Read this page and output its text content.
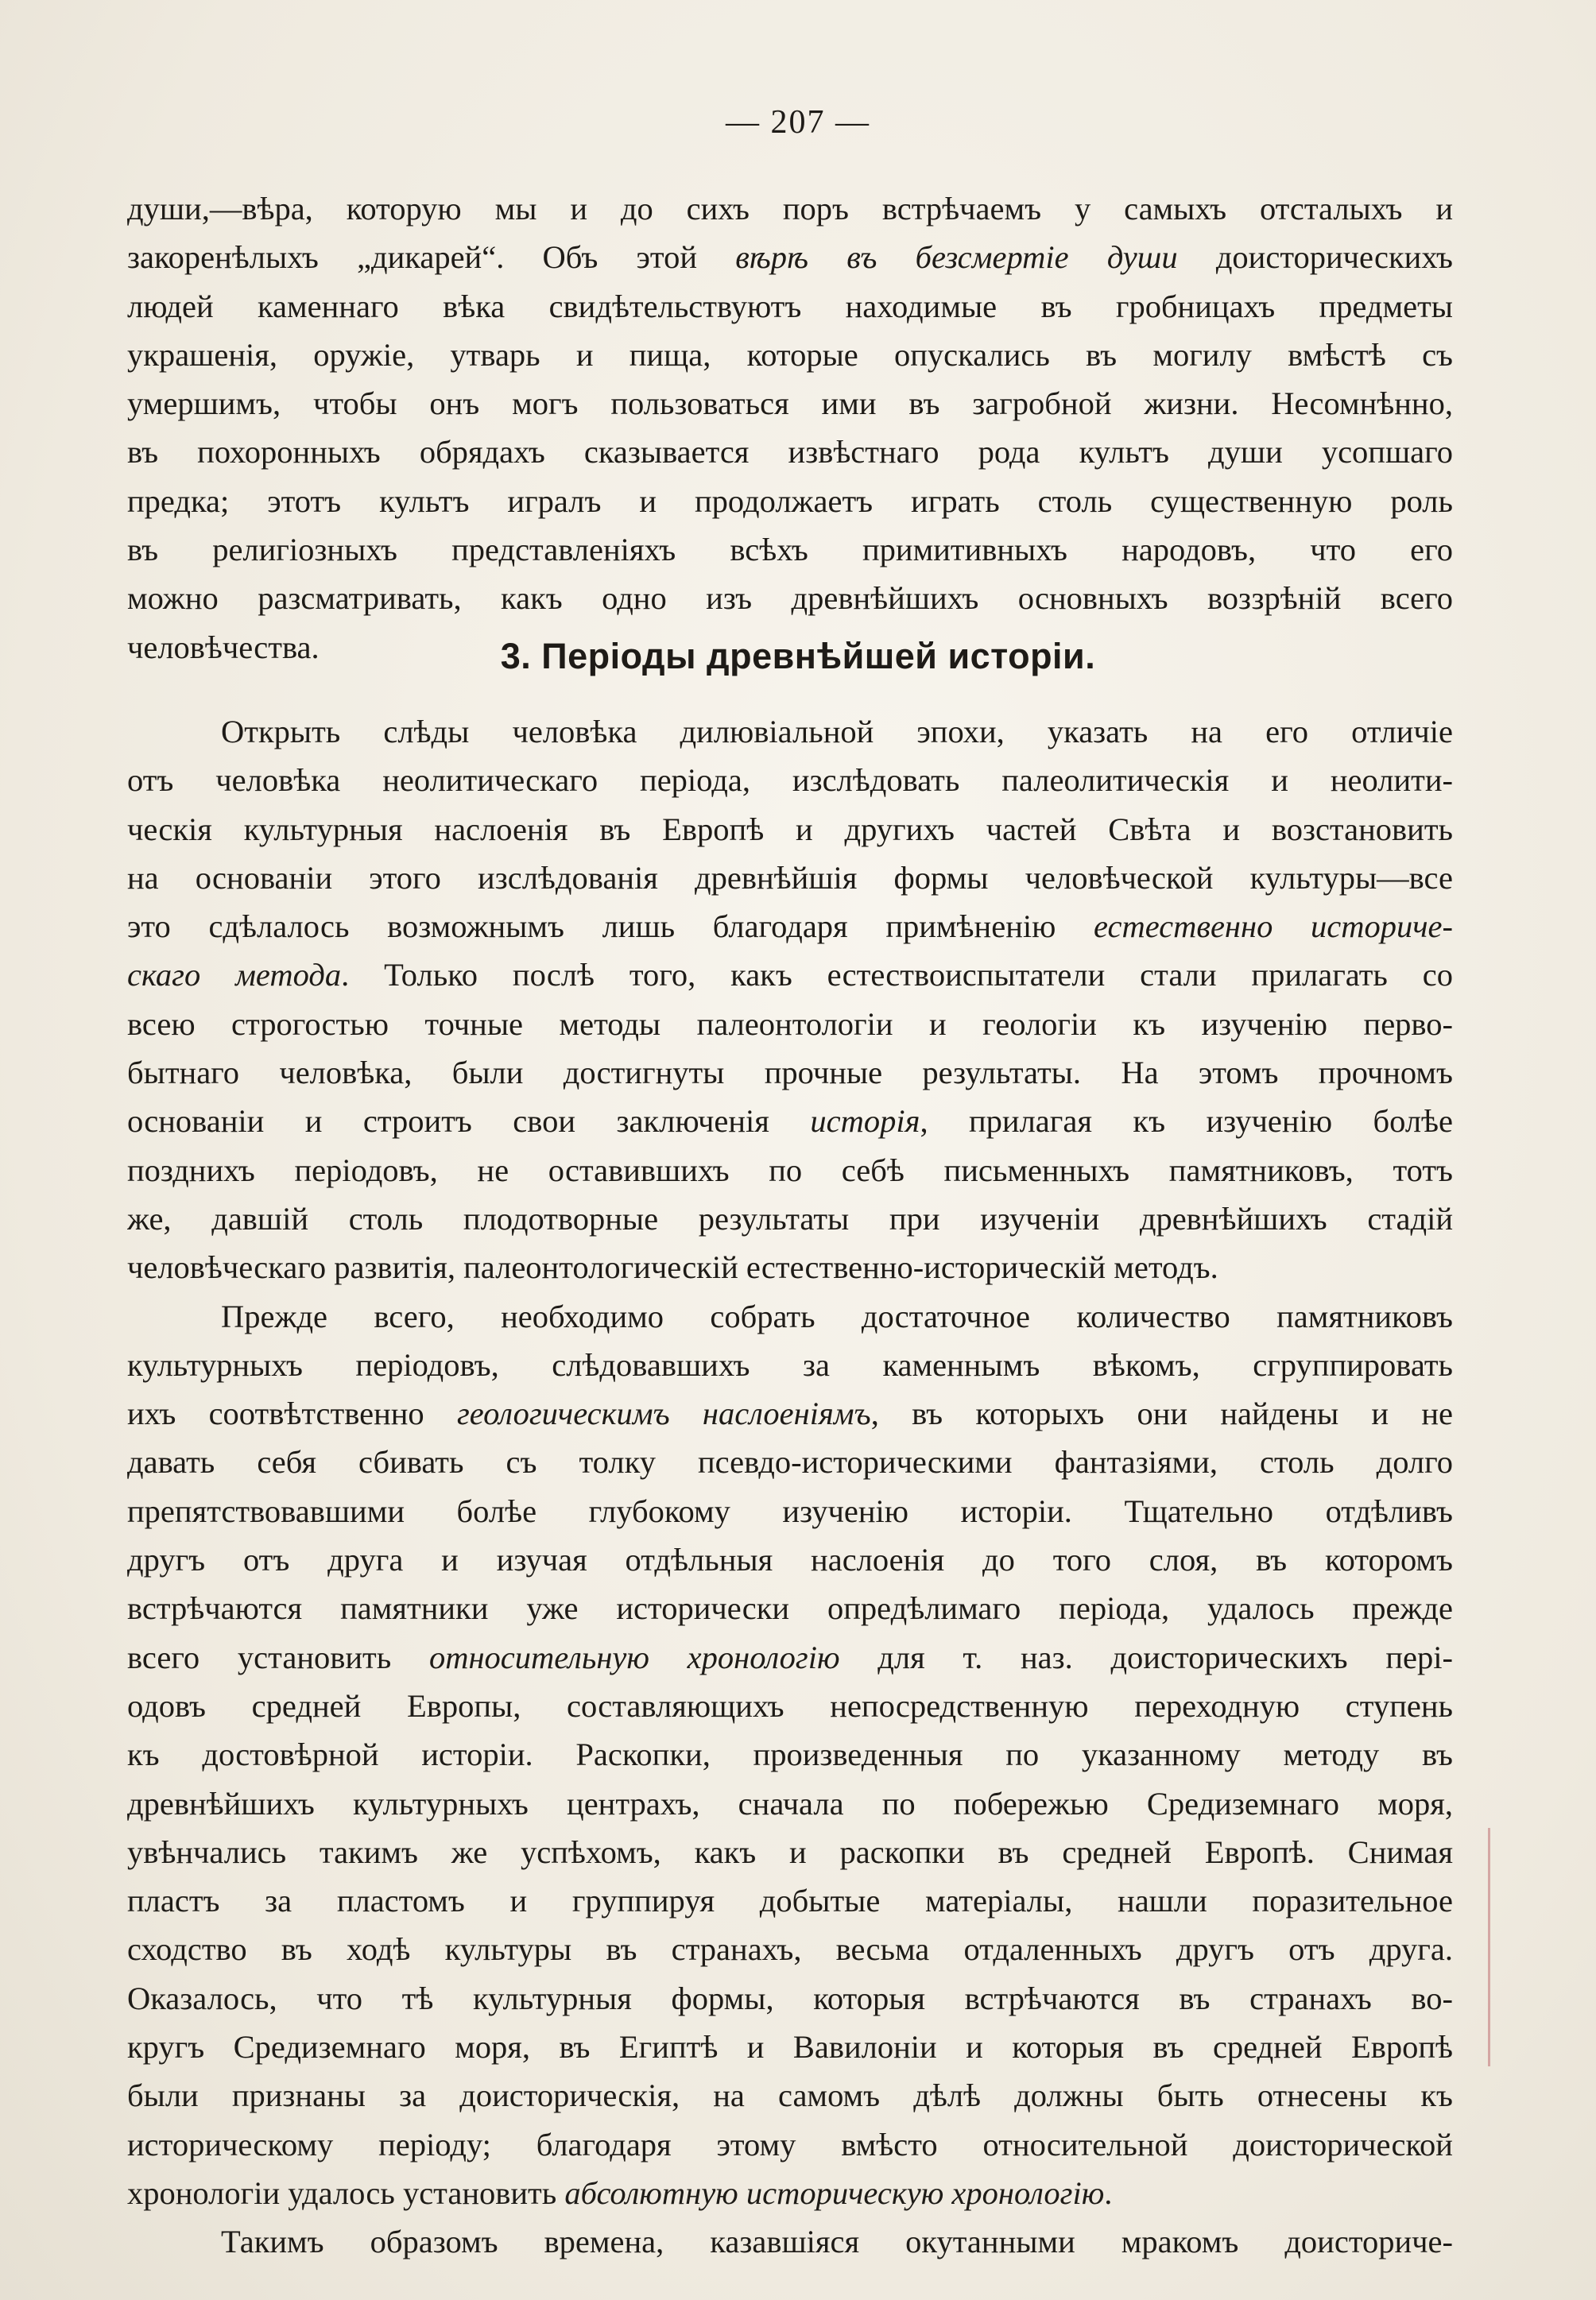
— 207 —
души,—вѣра, которую мы и до сихъ поръ встрѣчаемъ у самыхъ отсталыхъ и
закоренѣлыхъ „дикарей“. Объ этой вѣрѣ въ безсмертіе души доисторическихъ
людей каменнаго вѣка свидѣтельствуютъ находимые въ гробницахъ предметы
украшенія, оружіе, утварь и пища, которые опускались въ могилу вмѣстѣ съ
умершимъ, чтобы онъ могъ пользоваться ими въ загробной жизни. Несомнѣнно,
въ похоронныхъ обрядахъ сказывается извѣстнаго рода культъ души усопшаго
предка; этотъ культъ игралъ и продолжаетъ играть столь существенную роль
въ религіозныхъ представленіяхъ всѣхъ примитивныхъ народовъ, что его
можно разсматривать, какъ одно изъ древнѣйшихъ основныхъ воззрѣній всего
человѣчества.	3. Періоды древнѣйшей исторіи.
Открыть слѣды человѣка дилювіальной эпохи, указать на его отличіе
отъ человѣка неолитическаго періода, изслѣдовать палеолитическія и неолити-
ческія культурныя наслоенія въ Европѣ и другихъ частей Свѣта и возстановить
на основаніи этого изслѣдованія древнѣйшія формы человѣческой культуры—все
это сдѣлалось возможнымъ лишь благодаря примѣненію естественно историче-
скаго метода. Только послѣ того, какъ естествоиспытатели стали прилагать со
всею строгостью точные методы палеонтологіи и геологіи къ изученію перво-
бытнаго человѣка, были достигнуты прочные результаты. На этомъ прочномъ
основаніи и строитъ свои заключенія исторія, прилагая къ изученію болѣе
позднихъ періодовъ, не оставившихъ по себѣ письменныхъ памятниковъ, тотъ
же, давшій столь плодотворные результаты при изученіи древнѣйшихъ стадій
человѣческаго развитія, палеонтологическій естественно-историческій методъ.
Прежде всего, необходимо собрать достаточное количество памятниковъ
культурныхъ періодовъ, слѣдовавшихъ за каменнымъ вѣкомъ, сгруппировать
ихъ соотвѣтственно геологическимъ наслоеніямъ, въ которыхъ они найдены и не
давать себя сбивать съ толку псевдо-историческими фантазіями, столь долго
препятствовавшими болѣе глубокому изученію исторіи. Тщательно отдѣливъ
другъ отъ друга и изучая отдѣльныя наслоенія до того слоя, въ которомъ
встрѣчаются памятники уже исторически опредѣлимаго періода, удалось прежде
всего установить относительную хронологію для т. наз. доисторическихъ пері-
одовъ средней Европы, составляющихъ непосредственную переходную ступень
къ достовѣрной исторіи. Раскопки, произведенныя по указанному методу въ
древнѣйшихъ культурныхъ центрахъ, сначала по побережью Средиземнаго моря,
увѣнчались такимъ же успѣхомъ, какъ и раскопки въ средней Европѣ. Снимая
пластъ за пластомъ и группируя добытые матеріалы, нашли поразительное
сходство въ ходѣ культуры въ странахъ, весьма отдаленныхъ другъ отъ друга.
Оказалось, что тѣ культурныя формы, которыя встрѣчаются въ странахъ во-
кругъ Средиземнаго моря, въ Египтѣ и Вавилоніи и которыя въ средней Европѣ
были признаны за доисторическія, на самомъ дѣлѣ должны быть отнесены къ
историческому періоду; благодаря этому вмѣсто относительной доисторической
хронологіи удалось установить абсолютную историческую хронологію.
Такимъ образомъ времена, казавшіяся окутанными мракомъ доисториче-
